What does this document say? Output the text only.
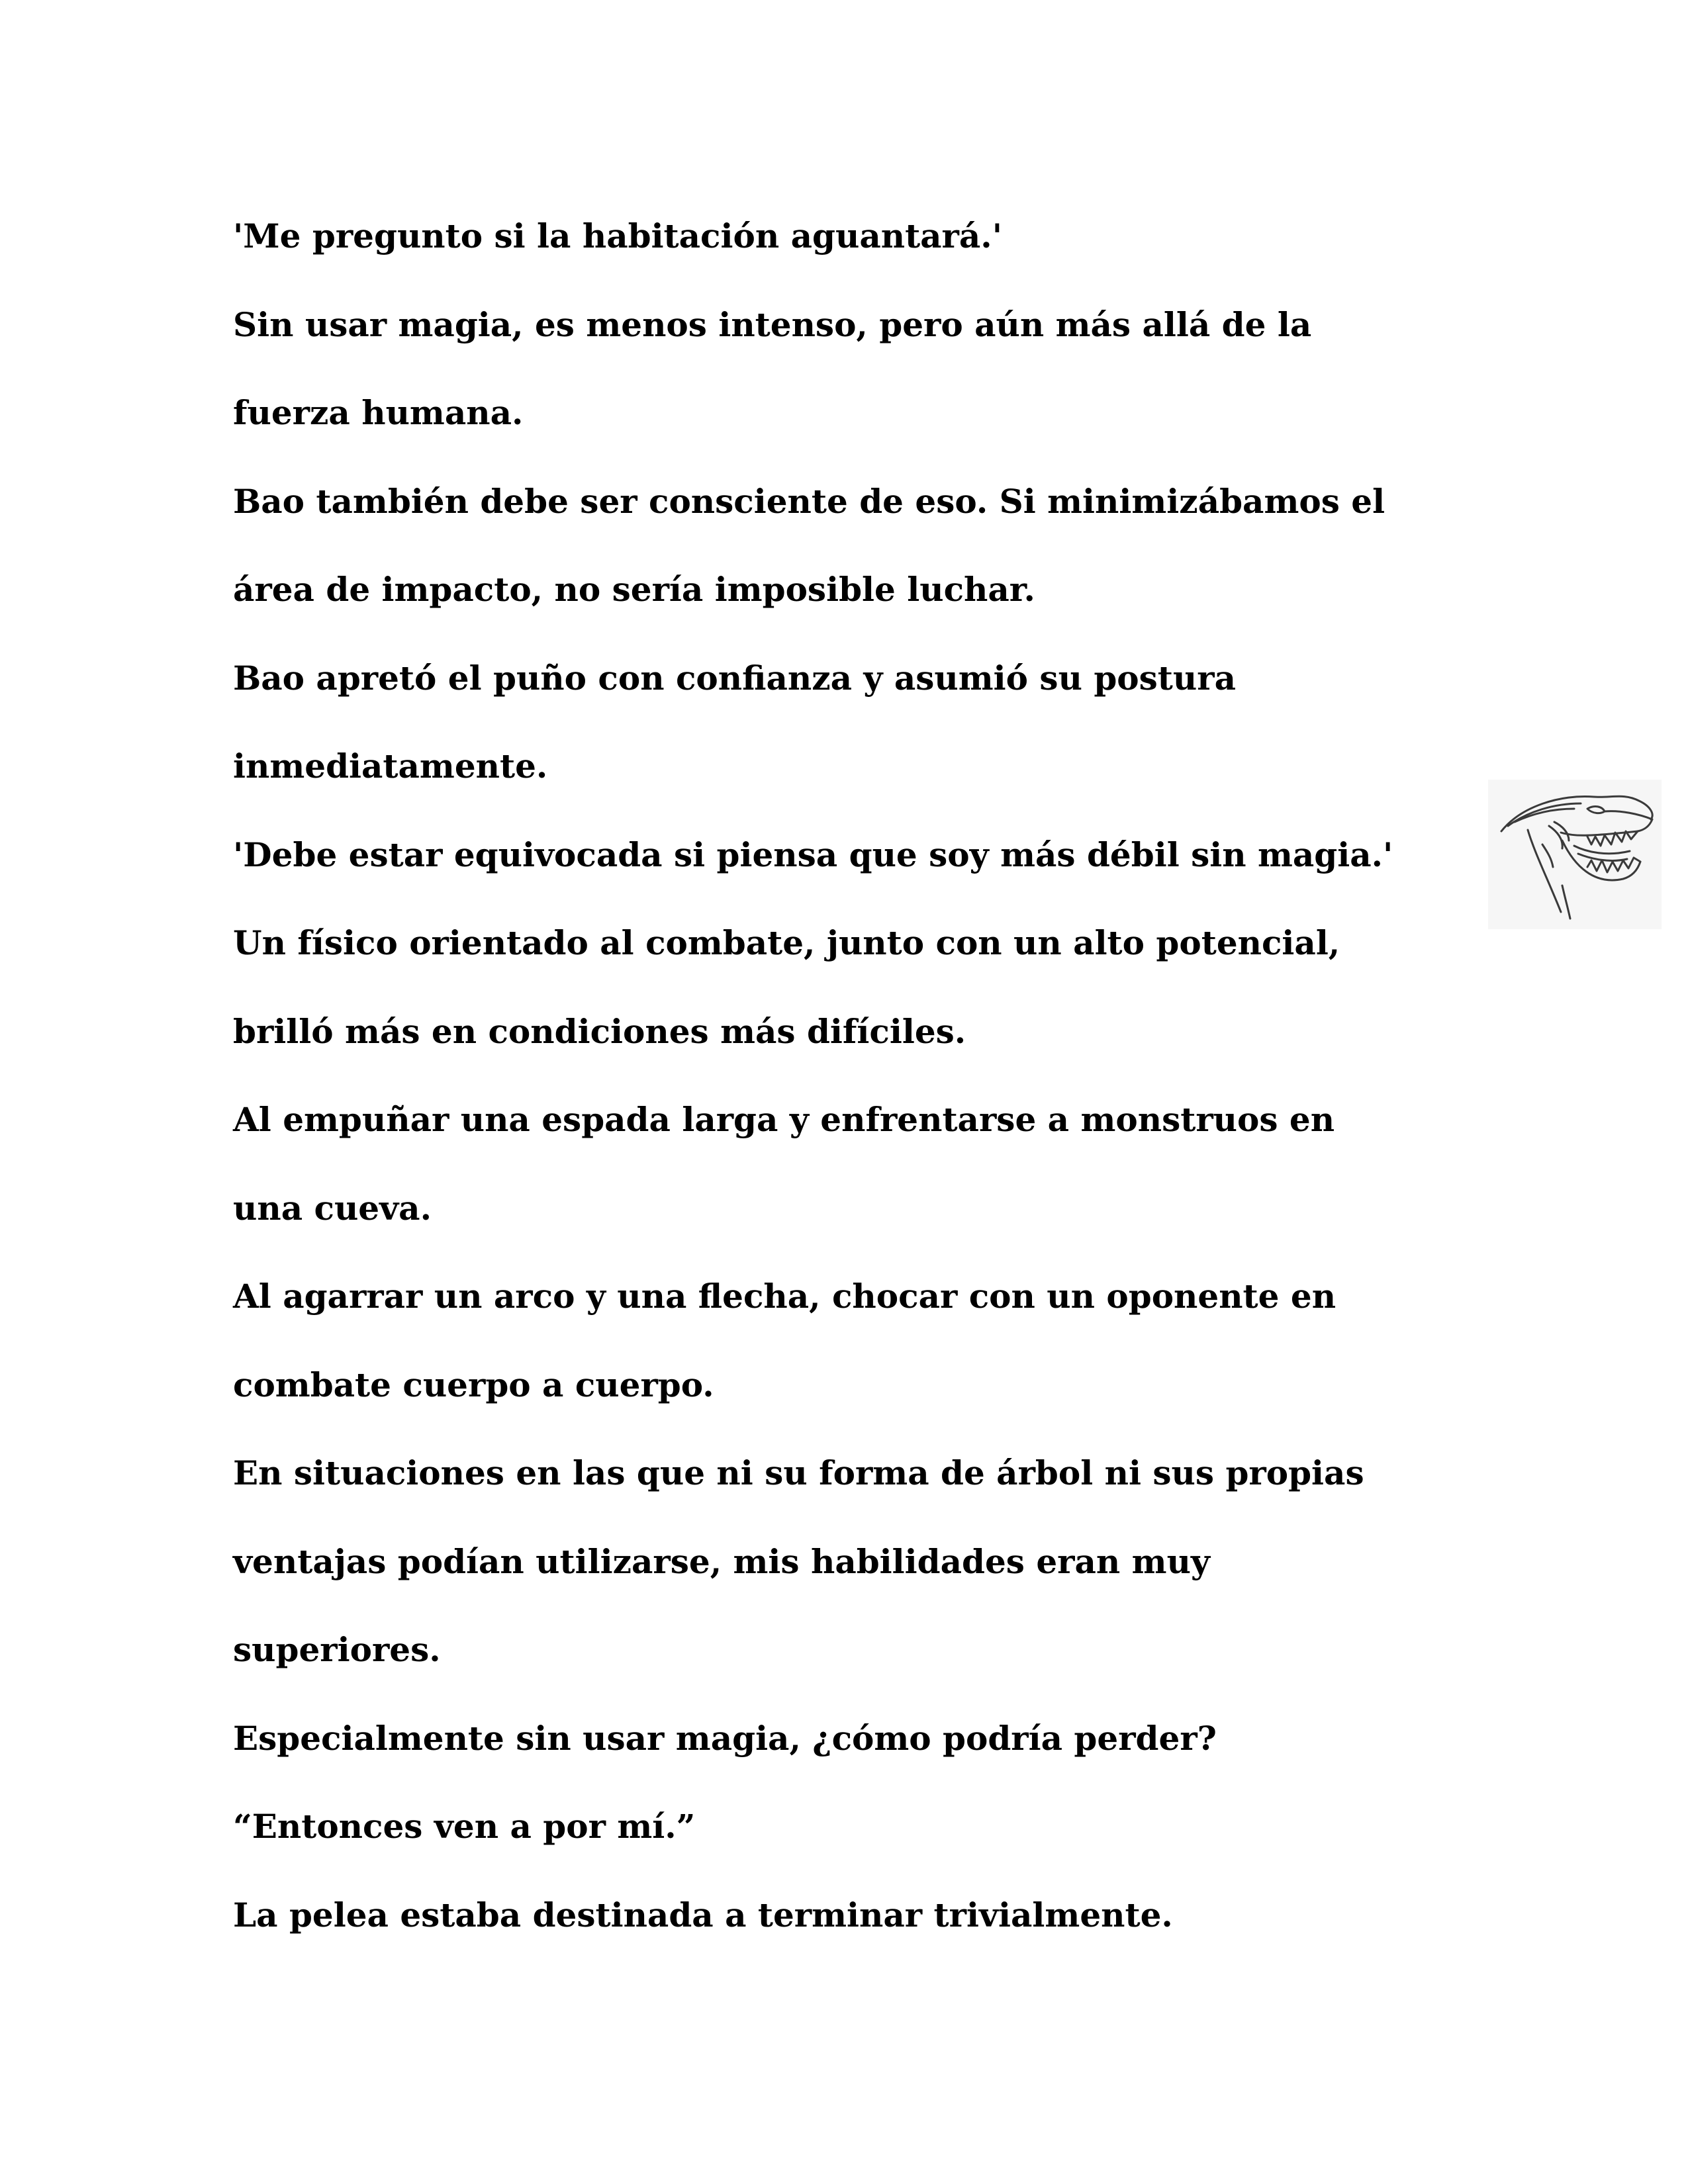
'Me pregunto si la habitación aguantará.'
Sin usar magia, es menos intenso, pero aún más allá de la
fuerza humana.
Bao también debe ser consciente de eso. Si minimizábamos el
área de impacto, no sería imposible luchar.
Bao apretó el puño con confianza y asumió su postura
inmediatamente.
'Debe estar equivocada si piensa que soy más débil sin magia.'
Un físico orientado al combate, junto con un alto potencial,
brilló más en condiciones más difíciles.
Al empuñar una espada larga y enfrentarse a monstruos en
una cueva.
Al agarrar un arco y una flecha, chocar con un oponente en
combate cuerpo a cuerpo.
En situaciones en las que ni su forma de árbol ni sus propias
ventajas podían utilizarse, mis habilidades eran muy
superiores.
Especialmente sin usar magia, ¿cómo podría perder?
“Entonces ven a por mí.”
La pelea estaba destinada a terminar trivialmente.
